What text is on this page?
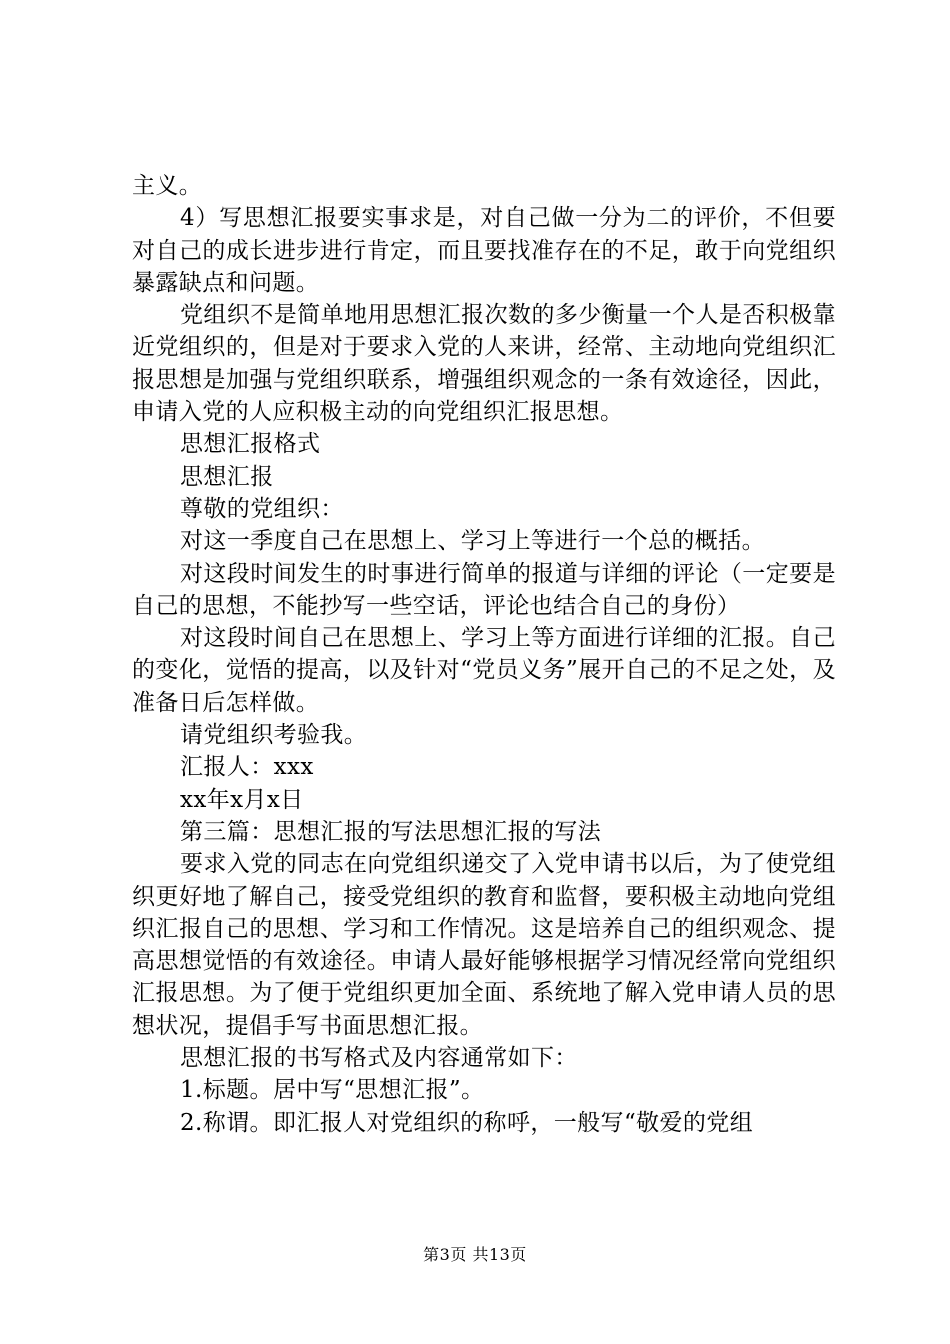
主义。

4）写思想汇报要实事求是，对自己做一分为二的评价，不但要对自己的成长进步进行肯定，而且要找准存在的不足，敢于向党组织暴露缺点和问题。

党组织不是简单地用思想汇报次数的多少衡量一个人是否积极靠近党组织的，但是对于要求入党的人来讲，经常、主动地向党组织汇报思想是加强与党组织联系，增强组织观念的一条有效途径，因此，申请入党的人应积极主动的向党组织汇报思想。

思想汇报格式

思想汇报

尊敬的党组织：

对这一季度自己在思想上、学习上等进行一个总的概括。

对这段时间发生的时事进行简单的报道与详细的评论（一定要是自己的思想，不能抄写一些空话，评论也结合自己的身份）

对这段时间自己在思想上、学习上等方面进行详细的汇报。自己的变化，觉悟的提高，以及针对“党员义务”展开自己的不足之处，及准备日后怎样做。

请党组织考验我。

汇报人：xxx

xx年x月x日

第三篇：思想汇报的写法思想汇报的写法

要求入党的同志在向党组织递交了入党申请书以后，为了使党组织更好地了解自己，接受党组织的教育和监督，要积极主动地向党组织汇报自己的思想、学习和工作情况。这是培养自己的组织观念、提高思想觉悟的有效途径。申请人最好能够根据学习情况经常向党组织汇报思想。为了便于党组织更加全面、系统地了解入党申请人员的思想状况，提倡手写书面思想汇报。

思想汇报的书写格式及内容通常如下：

1.标题。居中写“思想汇报”。

2.称谓。即汇报人对党组织的称呼，一般写“敬爱的党组

第3页 共13页
